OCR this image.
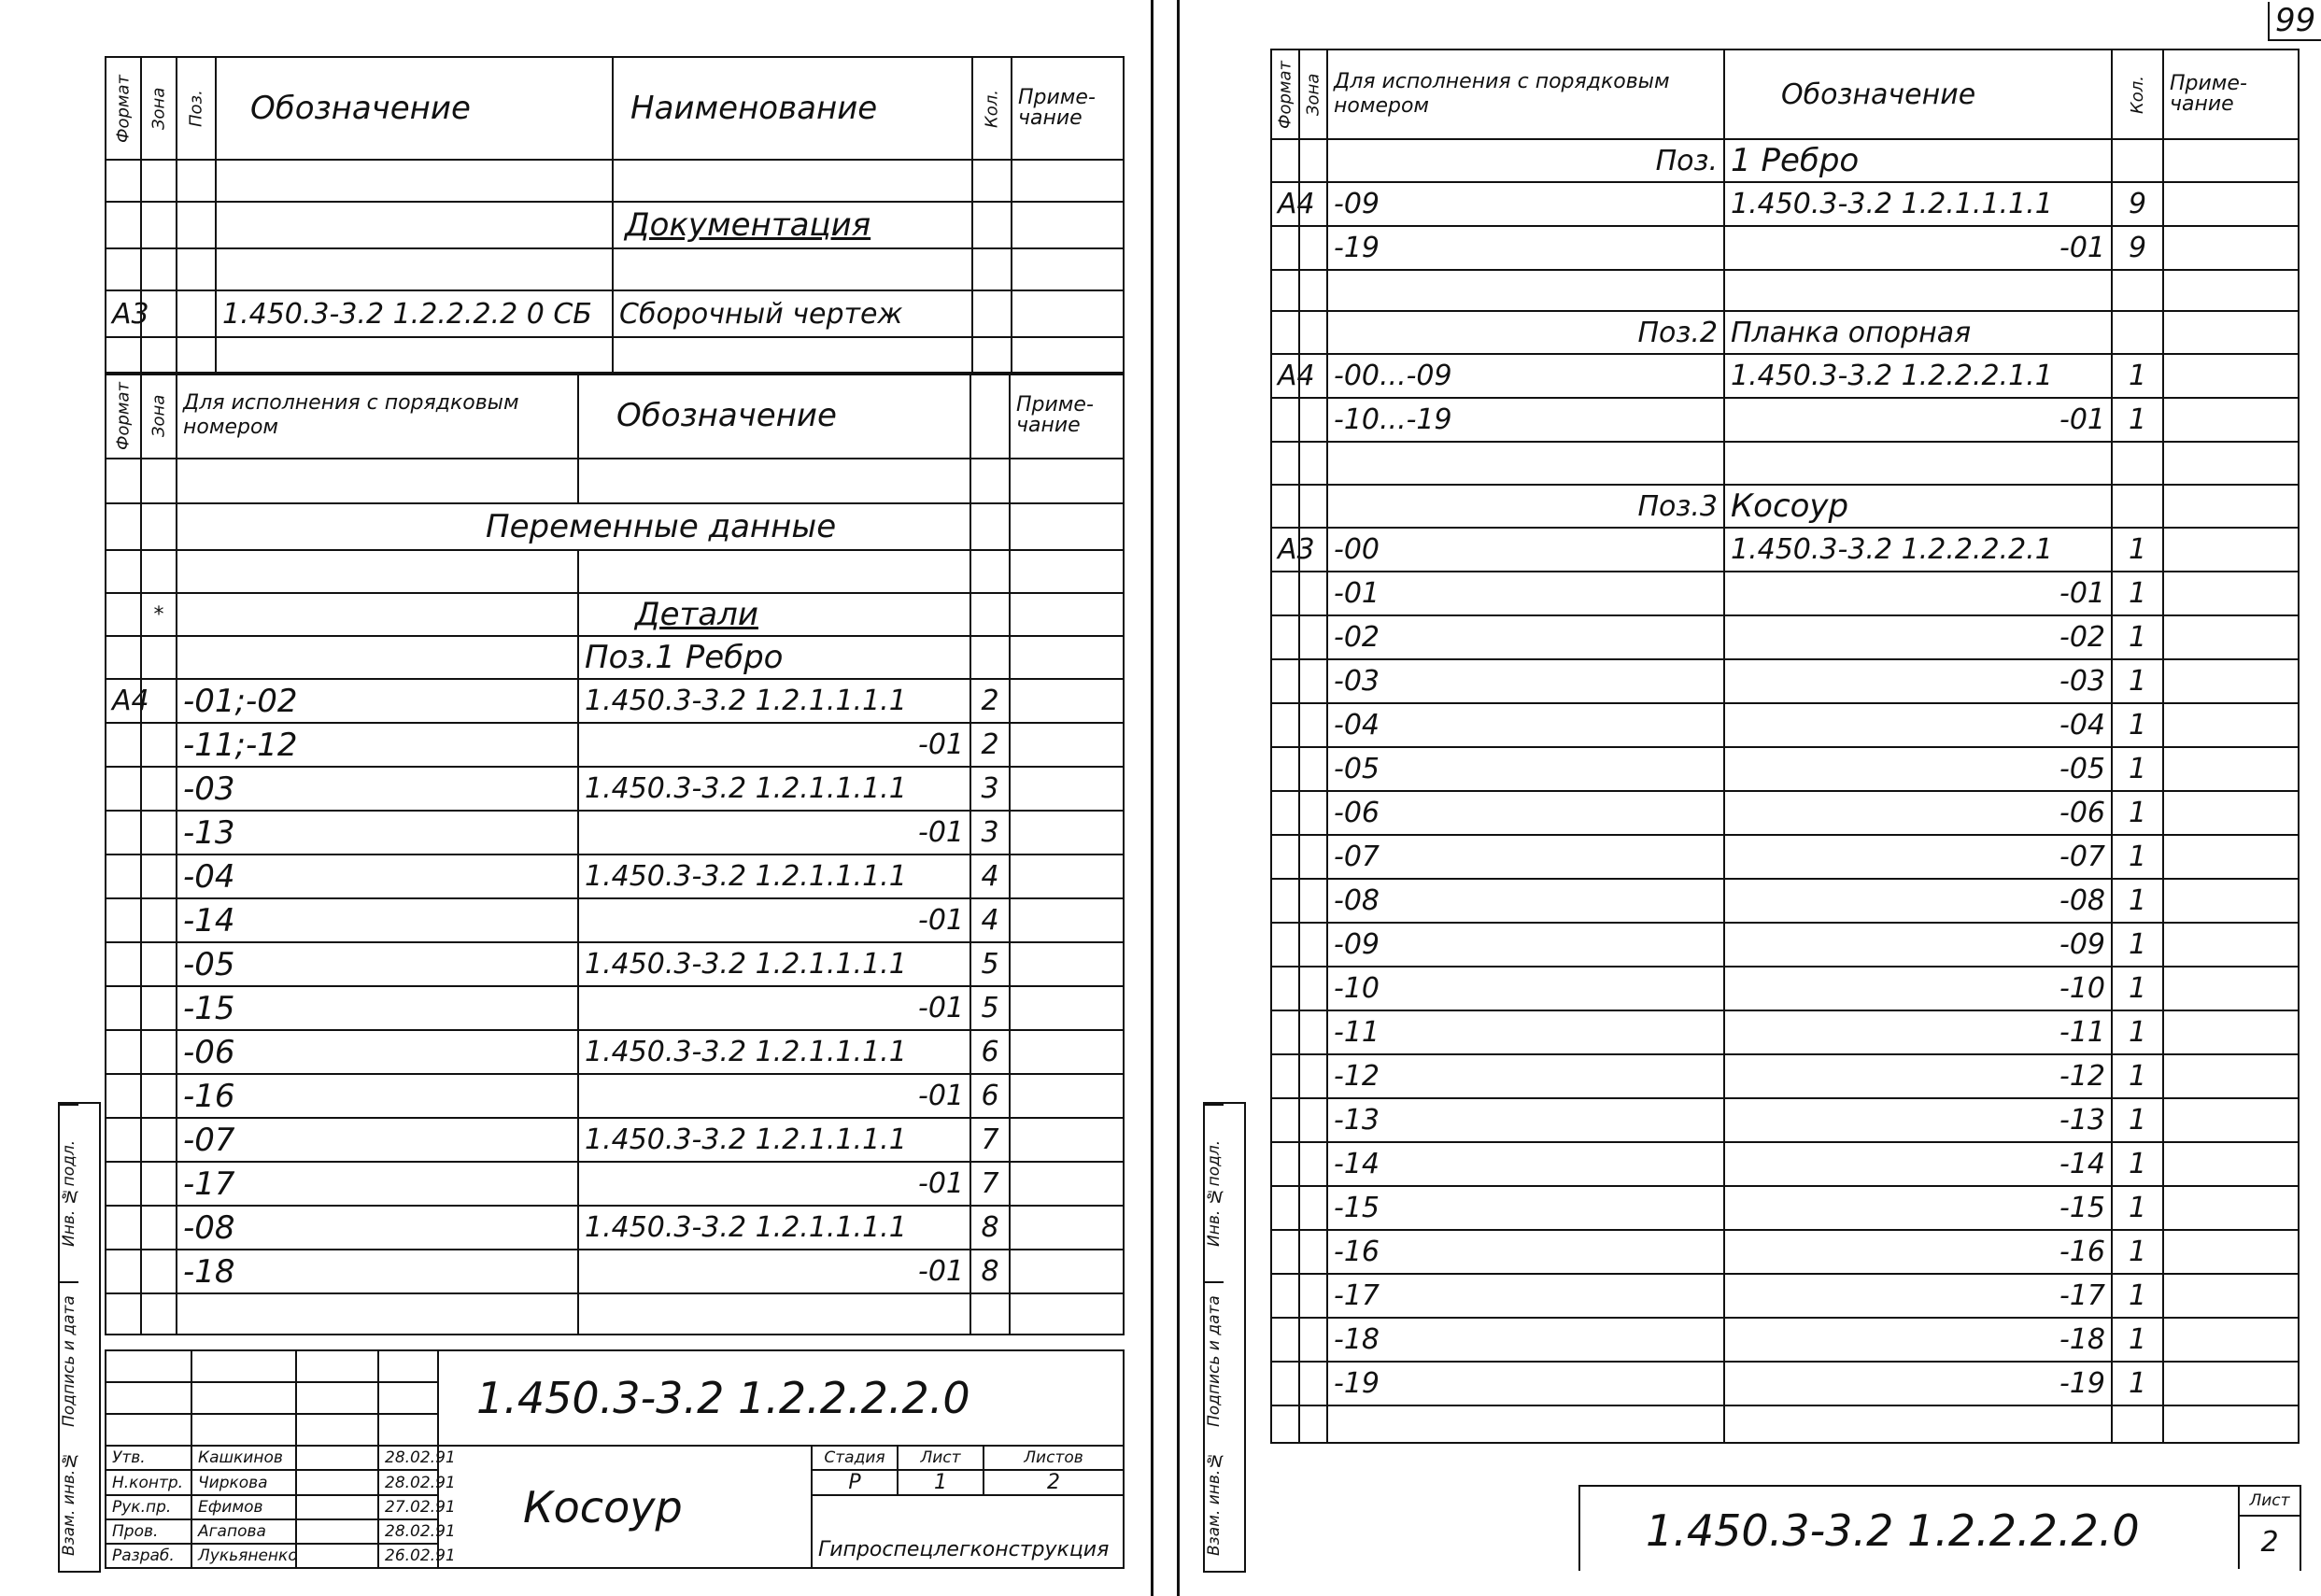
Инв. №подл.
Подпись и дата
Взам. инв.№
Формат	Зона	Поз.	Обозначение	Наименование	Кол.	Приме-чание

				Документация		

А3			1.450.3-3.2 1.2.2.2.2 0 СБ	Сборочный чертеж		

Формат	Зона	Для исполнения с порядковым номером	Обозначение		Приме-чание

		Переменные данные			

	*		Детали		
			Поз.1 Ребро		
А4		-01;-02	1.450.3-3.2 1.2.1.1.1.1	2	
		-11;-12	-01	2	
		-03	1.450.3-3.2 1.2.1.1.1.1	3	
		-13	-01	3	
		-04	1.450.3-3.2 1.2.1.1.1.1	4	
		-14	-01	4	
		-05	1.450.3-3.2 1.2.1.1.1.1	5	
		-15	-01	5	
		-06	1.450.3-3.2 1.2.1.1.1.1	6	
		-16	-01	6	
		-07	1.450.3-3.2 1.2.1.1.1.1	7	
		-17	-01	7	
		-08	1.450.3-3.2 1.2.1.1.1.1	8	
		-18	-01	8	

				1.450.3-3.2 1.2.2.2.2.0			

Утв.	Кашкинов		28.02.91	Косоур	Стадия	Лист	Листов
Н.контр.	Чиркова		28.02.91		Р	1	2
Рук.пр.	Ефимов		27.02.91		Гипроспецлегконструкция		
Пров.	Агапова		28.02.91				
Разраб.	Лукьяненко		26.02.91				
99
Инв. №подл.
Подпись и дата
Взам. инв.№
Формат	Зона	Для исполнения с порядковым номером	Обозначение	Кол.	Приме-чание
		Поз.	1 Ребро		
А4		-09	1.450.3-3.2 1.2.1.1.1.1	9	
		-19	-01	9	

		Поз.2	Планка опорная		
А4		-00...-09	1.450.3-3.2 1.2.2.2.1.1	1	
		-10...-19	-01	1	

		Поз.3	Косоур		
А3		-00	1.450.3-3.2 1.2.2.2.2.1	1	
		-01	-01	1	
		-02	-02	1	
		-03	-03	1	
		-04	-04	1	
		-05	-05	1	
		-06	-06	1	
		-07	-07	1	
		-08	-08	1	
		-09	-09	1	
		-10	-10	1	
		-11	-11	1	
		-12	-12	1	
		-13	-13	1	
		-14	-14	1	
		-15	-15	1	
		-16	-16	1	
		-17	-17	1	
		-18	-18	1	
		-19	-19	1	

1.450.3-3.2 1.2.2.2.2.0
Лист
2
